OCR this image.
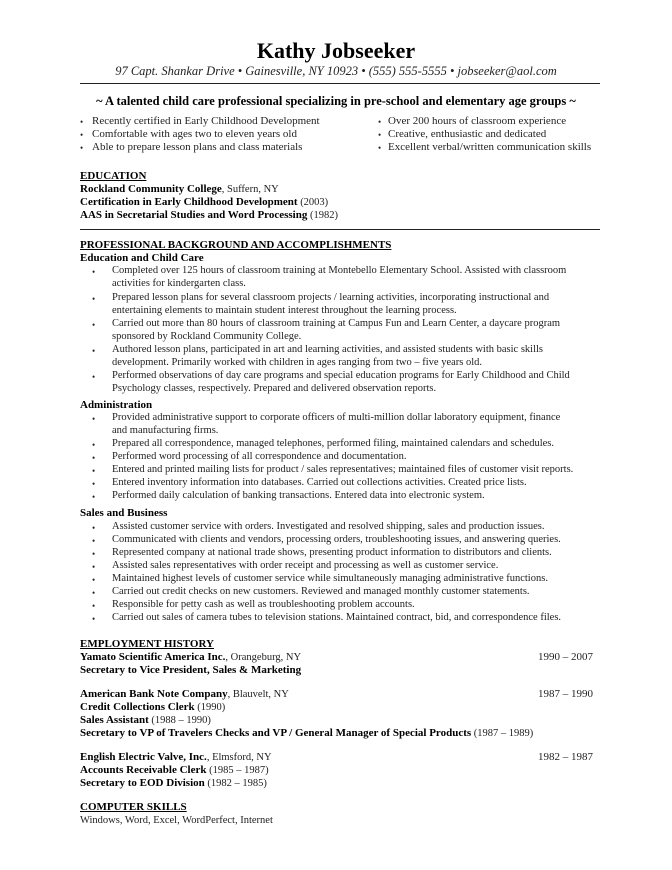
Kathy Jobseeker
97 Capt. Shankar Drive • Gainesville, NY 10923 • (555) 555-5555 • jobseeker@aol.com
~ A talented child care professional specializing in pre-school and elementary age groups ~
• Recently certified in Early Childhood Development
• Comfortable with ages two to eleven years old
• Able to prepare lesson plans and class materials
• Over 200 hours of classroom experience
• Creative, enthusiastic and dedicated
• Excellent verbal/written communication skills
EDUCATION
Rockland Community College, Suffern, NY
Certification in Early Childhood Development (2003)
AAS in Secretarial Studies and Word Processing (1982)
PROFESSIONAL BACKGROUND AND ACCOMPLISHMENTS
Education and Child Care
• Completed over 125 hours of classroom training at Montebello Elementary School. Assisted with classroom
activities for kindergarten class.
• Prepared lesson plans for several classroom projects / learning activities, incorporating instructional and
entertaining elements to maintain student interest throughout the learning process.
• Carried out more than 80 hours of classroom training at Campus Fun and Learn Center, a daycare program
sponsored by Rockland Community College.
• Authored lesson plans, participated in art and learning activities, and assisted students with basic skills
development. Primarily worked with children in ages ranging from two – five years old.
• Performed observations of day care programs and special education programs for Early Childhood and Child
Psychology classes, respectively. Prepared and delivered observation reports.
Administration
• Provided administrative support to corporate officers of multi-million dollar laboratory equipment, finance
and manufacturing firms.
• Prepared all correspondence, managed telephones, performed filing, maintained calendars and schedules.
• Performed word processing of all correspondence and documentation.
• Entered and printed mailing lists for product / sales representatives; maintained files of customer visit reports.
• Entered inventory information into databases. Carried out collections activities. Created price lists.
• Performed daily calculation of banking transactions. Entered data into electronic system.
Sales and Business
• Assisted customer service with orders. Investigated and resolved shipping, sales and production issues.
• Communicated with clients and vendors, processing orders, troubleshooting issues, and answering queries.
• Represented company at national trade shows, presenting product information to distributors and clients.
• Assisted sales representatives with order receipt and processing as well as customer service.
• Maintained highest levels of customer service while simultaneously managing administrative functions.
• Carried out credit checks on new customers. Reviewed and managed monthly customer statements.
• Responsible for petty cash as well as troubleshooting problem accounts.
• Carried out sales of camera tubes to television stations. Maintained contract, bid, and correspondence files.
EMPLOYMENT HISTORY
Yamato Scientific America Inc., Orangeburg, NY	1990 – 2007
Secretary to Vice President, Sales & Marketing
American Bank Note Company, Blauvelt, NY	1987 – 1990
Credit Collections Clerk (1990)
Sales Assistant (1988 – 1990)
Secretary to VP of Travelers Checks and VP / General Manager of Special Products (1987 – 1989)
English Electric Valve, Inc., Elmsford, NY	1982 – 1987
Accounts Receivable Clerk (1985 – 1987)
Secretary to EOD Division (1982 – 1985)
COMPUTER SKILLS
Windows, Word, Excel, WordPerfect, Internet
